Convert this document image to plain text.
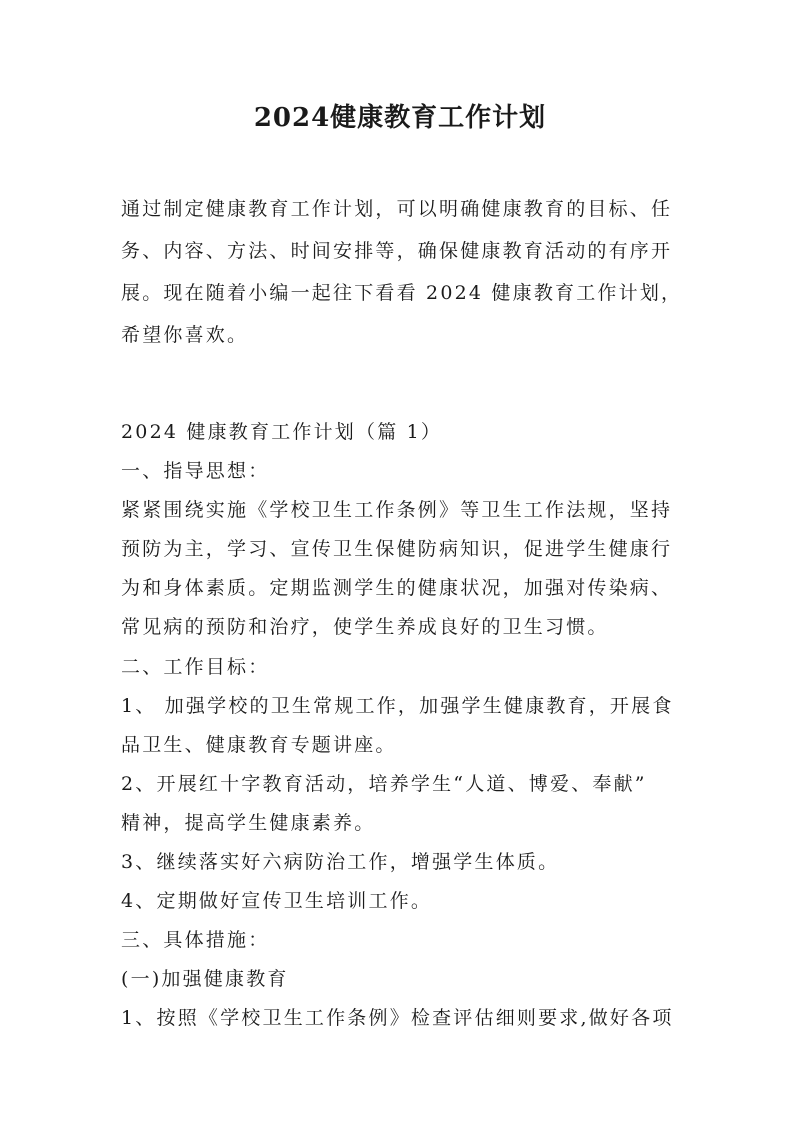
2024健康教育工作计划
通过制定健康教育工作计划，可以明确健康教育的目标、任
务、内容、方法、时间安排等，确保健康教育活动的有序开
展。现在随着小编一起往下看看 2024 健康教育工作计划，
希望你喜欢。
2024 健康教育工作计划（篇 1）
一、指导思想：
紧紧围绕实施《学校卫生工作条例》等卫生工作法规，坚持
预防为主，学习、宣传卫生保健防病知识，促进学生健康行
为和身体素质。定期监测学生的健康状况，加强对传染病、
常见病的预防和治疗，使学生养成良好的卫生习惯。
二、工作目标：
1、 加强学校的卫生常规工作，加强学生健康教育，开展食
品卫生、健康教育专题讲座。
2、开展红十字教育活动，培养学生“人道、博爱、奉献”
精神，提高学生健康素养。
3、继续落实好六病防治工作，增强学生体质。
4、定期做好宣传卫生培训工作。
三、具体措施：
(一)加强健康教育
1、按照《学校卫生工作条例》检查评估细则要求,做好各项
